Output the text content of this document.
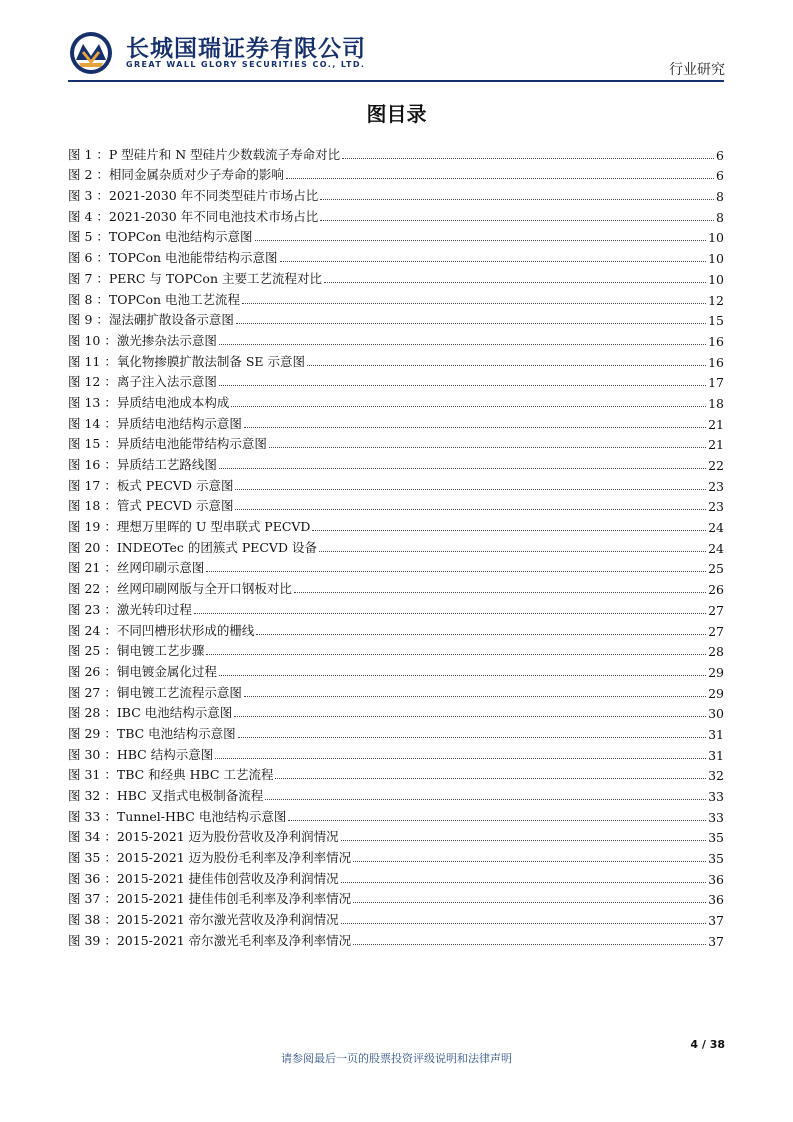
长城国瑞证券有限公司
GREAT WALL GLORY SECURITIES CO., LTD.	行业研究
图目录
图 1 ：P 型硅片和 N 型硅片少数载流子寿命对比	6
图 2 ：相同金属杂质对少子寿命的影响	6
图 3 ：2021-2030 年不同类型硅片市场占比	8
图 4 ：2021-2030 年不同电池技术市场占比	8
图 5 ：TOPCon 电池结构示意图	10
图 6 ：TOPCon 电池能带结构示意图	10
图 7 ：PERC 与 TOPCon 主要工艺流程对比	10
图 8 ：TOPCon 电池工艺流程	12
图 9 ：湿法硼扩散设备示意图	15
图 10 ：激光掺杂法示意图	16
图 11 ：氧化物掺膜扩散法制备 SE 示意图	16
图 12 ：离子注入法示意图	17
图 13 ：异质结电池成本构成	18
图 14 ：异质结电池结构示意图	21
图 15 ：异质结电池能带结构示意图	21
图 16 ：异质结工艺路线图	22
图 17 ：板式 PECVD 示意图	23
图 18 ：管式 PECVD 示意图	23
图 19 ：理想万里晖的 U 型串联式 PECVD	24
图 20 ：INDEOTec 的团簇式 PECVD 设备	24
图 21 ：丝网印刷示意图	25
图 22 ：丝网印刷网版与全开口钢板对比	26
图 23 ：激光转印过程	27
图 24 ：不同凹槽形状形成的栅线	27
图 25 ：铜电镀工艺步骤	28
图 26 ：铜电镀金属化过程	29
图 27 ：铜电镀工艺流程示意图	29
图 28 ：IBC 电池结构示意图	30
图 29 ：TBC 电池结构示意图	31
图 30 ：HBC 结构示意图	31
图 31 ：TBC 和经典 HBC 工艺流程	32
图 32 ：HBC 叉指式电极制备流程	33
图 33 ：Tunnel-HBC 电池结构示意图	33
图 34 ：2015-2021 迈为股份营收及净利润情况	35
图 35 ：2015-2021 迈为股份毛利率及净利率情况	35
图 36 ：2015-2021 捷佳伟创营收及净利润情况	36
图 37 ：2015-2021 捷佳伟创毛利率及净利率情况	36
图 38 ：2015-2021 帝尔激光营收及净利润情况	37
图 39 ：2015-2021 帝尔激光毛利率及净利率情况	37
4 / 38
请参阅最后一页的股票投资评级说明和法律声明
